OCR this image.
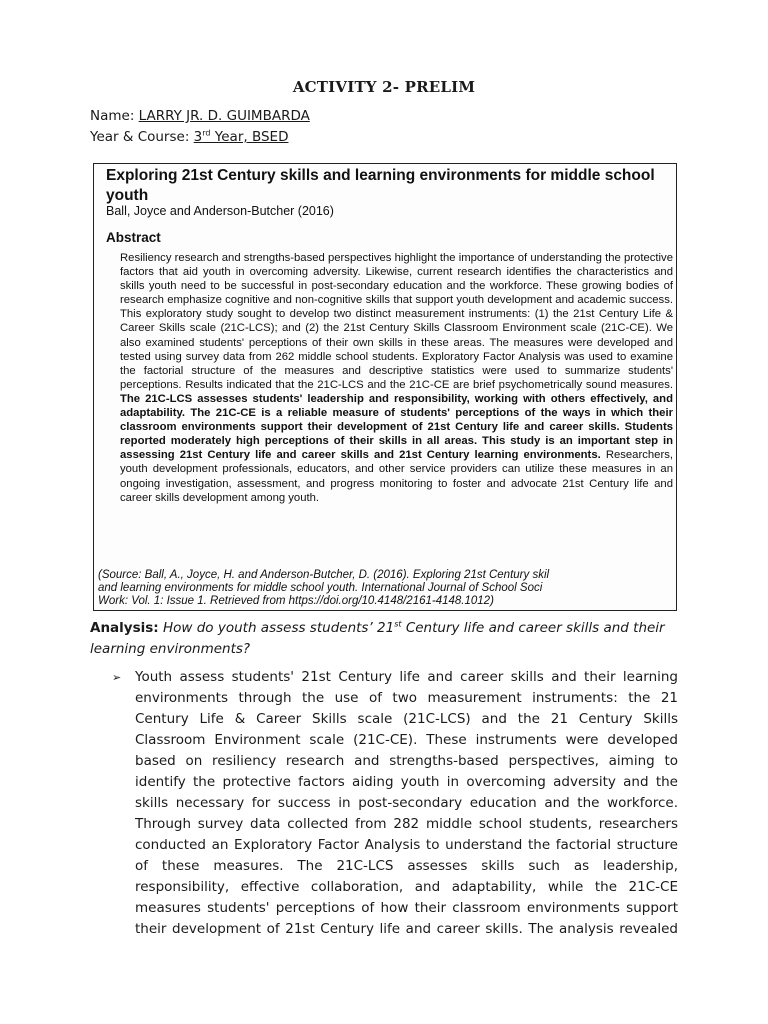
ACTIVITY 2- PRELIM
Name: LARRY JR. D. GUIMBARDA
Year & Course: 3rd Year, BSED
Exploring 21st Century skills and learning environments for middle school youth
Ball, Joyce and Anderson-Butcher (2016)
Abstract
Resiliency research and strengths-based perspectives highlight the importance of understanding the protective factors that aid youth in overcoming adversity. Likewise, current research identifies the characteristics and skills youth need to be successful in post-secondary education and the workforce. These growing bodies of research emphasize cognitive and non-cognitive skills that support youth development and academic success. This exploratory study sought to develop two distinct measurement instruments: (1) the 21st Century Life & Career Skills scale (21C-LCS); and (2) the 21st Century Skills Classroom Environment scale (21C-CE). We also examined students' perceptions of their own skills in these areas. The measures were developed and tested using survey data from 262 middle school students. Exploratory Factor Analysis was used to examine the factorial structure of the measures and descriptive statistics were used to summarize students' perceptions. Results indicated that the 21C-LCS and the 21C-CE are brief psychometrically sound measures. The 21C-LCS assesses students' leadership and responsibility, working with others effectively, and adaptability. The 21C-CE is a reliable measure of students' perceptions of the ways in which their classroom environments support their development of 21st Century life and career skills. Students reported moderately high perceptions of their skills in all areas. This study is an important step in assessing 21st Century life and career skills and 21st Century learning environments. Researchers, youth development professionals, educators, and other service providers can utilize these measures in an ongoing investigation, assessment, and progress monitoring to foster and advocate 21st Century life and career skills development among youth.
(Source: Ball, A., Joyce, H. and Anderson-Butcher, D. (2016). Exploring 21st Century skil
and learning environments for middle school youth. International Journal of School Soci
Work: Vol. 1: Issue 1. Retrieved from https://doi.org/10.4148/2161-4148.1012)
Analysis: How do youth assess students’ 21st Century life and career skills and their learning environments?
➢ Youth assess students' 21st Century life and career skills and their learning environments through the use of two measurement instruments: the 21 Century Life & Career Skills scale (21C-LCS) and the 21 Century Skills Classroom Environment scale (21C-CE). These instruments were developed based on resiliency research and strengths-based perspectives, aiming to identify the protective factors aiding youth in overcoming adversity and the skills necessary for success in post-secondary education and the workforce. Through survey data collected from 282 middle school students, researchers conducted an Exploratory Factor Analysis to understand the factorial structure of these measures. The 21C-LCS assesses skills such as leadership, responsibility, effective collaboration, and adaptability, while the 21C-CE measures students' perceptions of how their classroom environments support their development of 21st Century life and career skills. The analysis revealed
